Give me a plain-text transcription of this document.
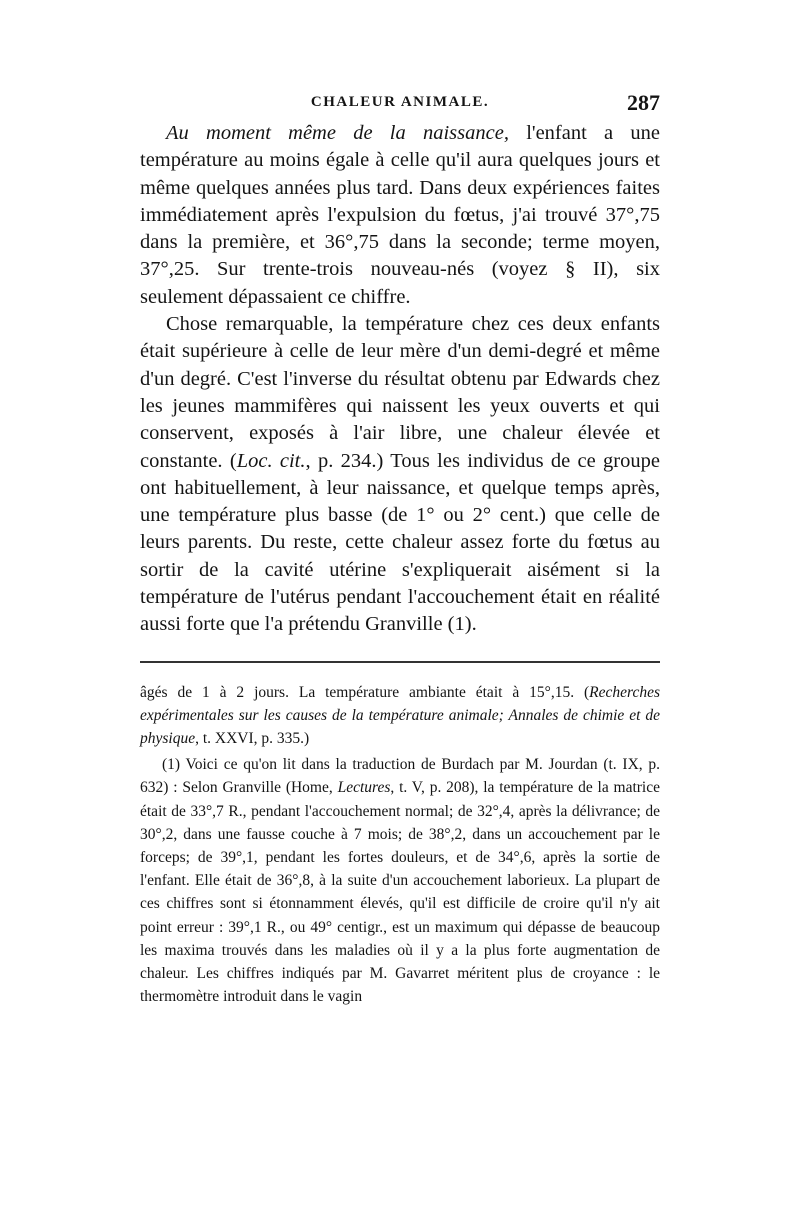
CHALEUR ANIMALE.	287

Au moment même de la naissance, l'enfant a une température au moins égale à celle qu'il aura quelques jours et même quelques années plus tard. Dans deux expériences faites immédiatement après l'expulsion du fœtus, j'ai trouvé 37°,75 dans la première, et 36°,75 dans la seconde; terme moyen, 37°,25. Sur trente-trois nouveau-nés (voyez § II), six seulement dépassaient ce chiffre.

Chose remarquable, la température chez ces deux enfants était supérieure à celle de leur mère d'un demi-degré et même d'un degré. C'est l'inverse du résultat obtenu par Edwards chez les jeunes mammifères qui naissent les yeux ouverts et qui conservent, exposés à l'air libre, une chaleur élevée et constante. (Loc. cit., p. 234.) Tous les individus de ce groupe ont habituellement, à leur naissance, et quelque temps après, une température plus basse (de 1° ou 2° cent.) que celle de leurs parents. Du reste, cette chaleur assez forte du fœtus au sortir de la cavité utérine s'expliquerait aisément si la température de l'utérus pendant l'accouchement était en réalité aussi forte que l'a prétendu Granville (1).

âgés de 1 à 2 jours. La température ambiante était à 15°,15. (Recherches expérimentales sur les causes de la température animale; Annales de chimie et de physique, t. XXVI, p. 335.)

(1) Voici ce qu'on lit dans la traduction de Burdach par M. Jourdan (t. IX, p. 632) : Selon Granville (Home, Lectures, t. V, p. 208), la température de la matrice était de 33°,7 R., pendant l'accouchement normal; de 32°,4, après la délivrance; de 30°,2, dans une fausse couche à 7 mois; de 38°,2, dans un accouchement par le forceps; de 39°,1, pendant les fortes douleurs, et de 34°,6, après la sortie de l'enfant. Elle était de 36°,8, à la suite d'un accouchement laborieux. La plupart de ces chiffres sont si étonnamment élevés, qu'il est difficile de croire qu'il n'y ait point erreur : 39°,1 R., ou 49° centigr., est un maximum qui dépasse de beaucoup les maxima trouvés dans les maladies où il y a la plus forte augmentation de chaleur. Les chiffres indiqués par M. Gavarret méritent plus de croyance : le thermomètre introduit dans le vagin
